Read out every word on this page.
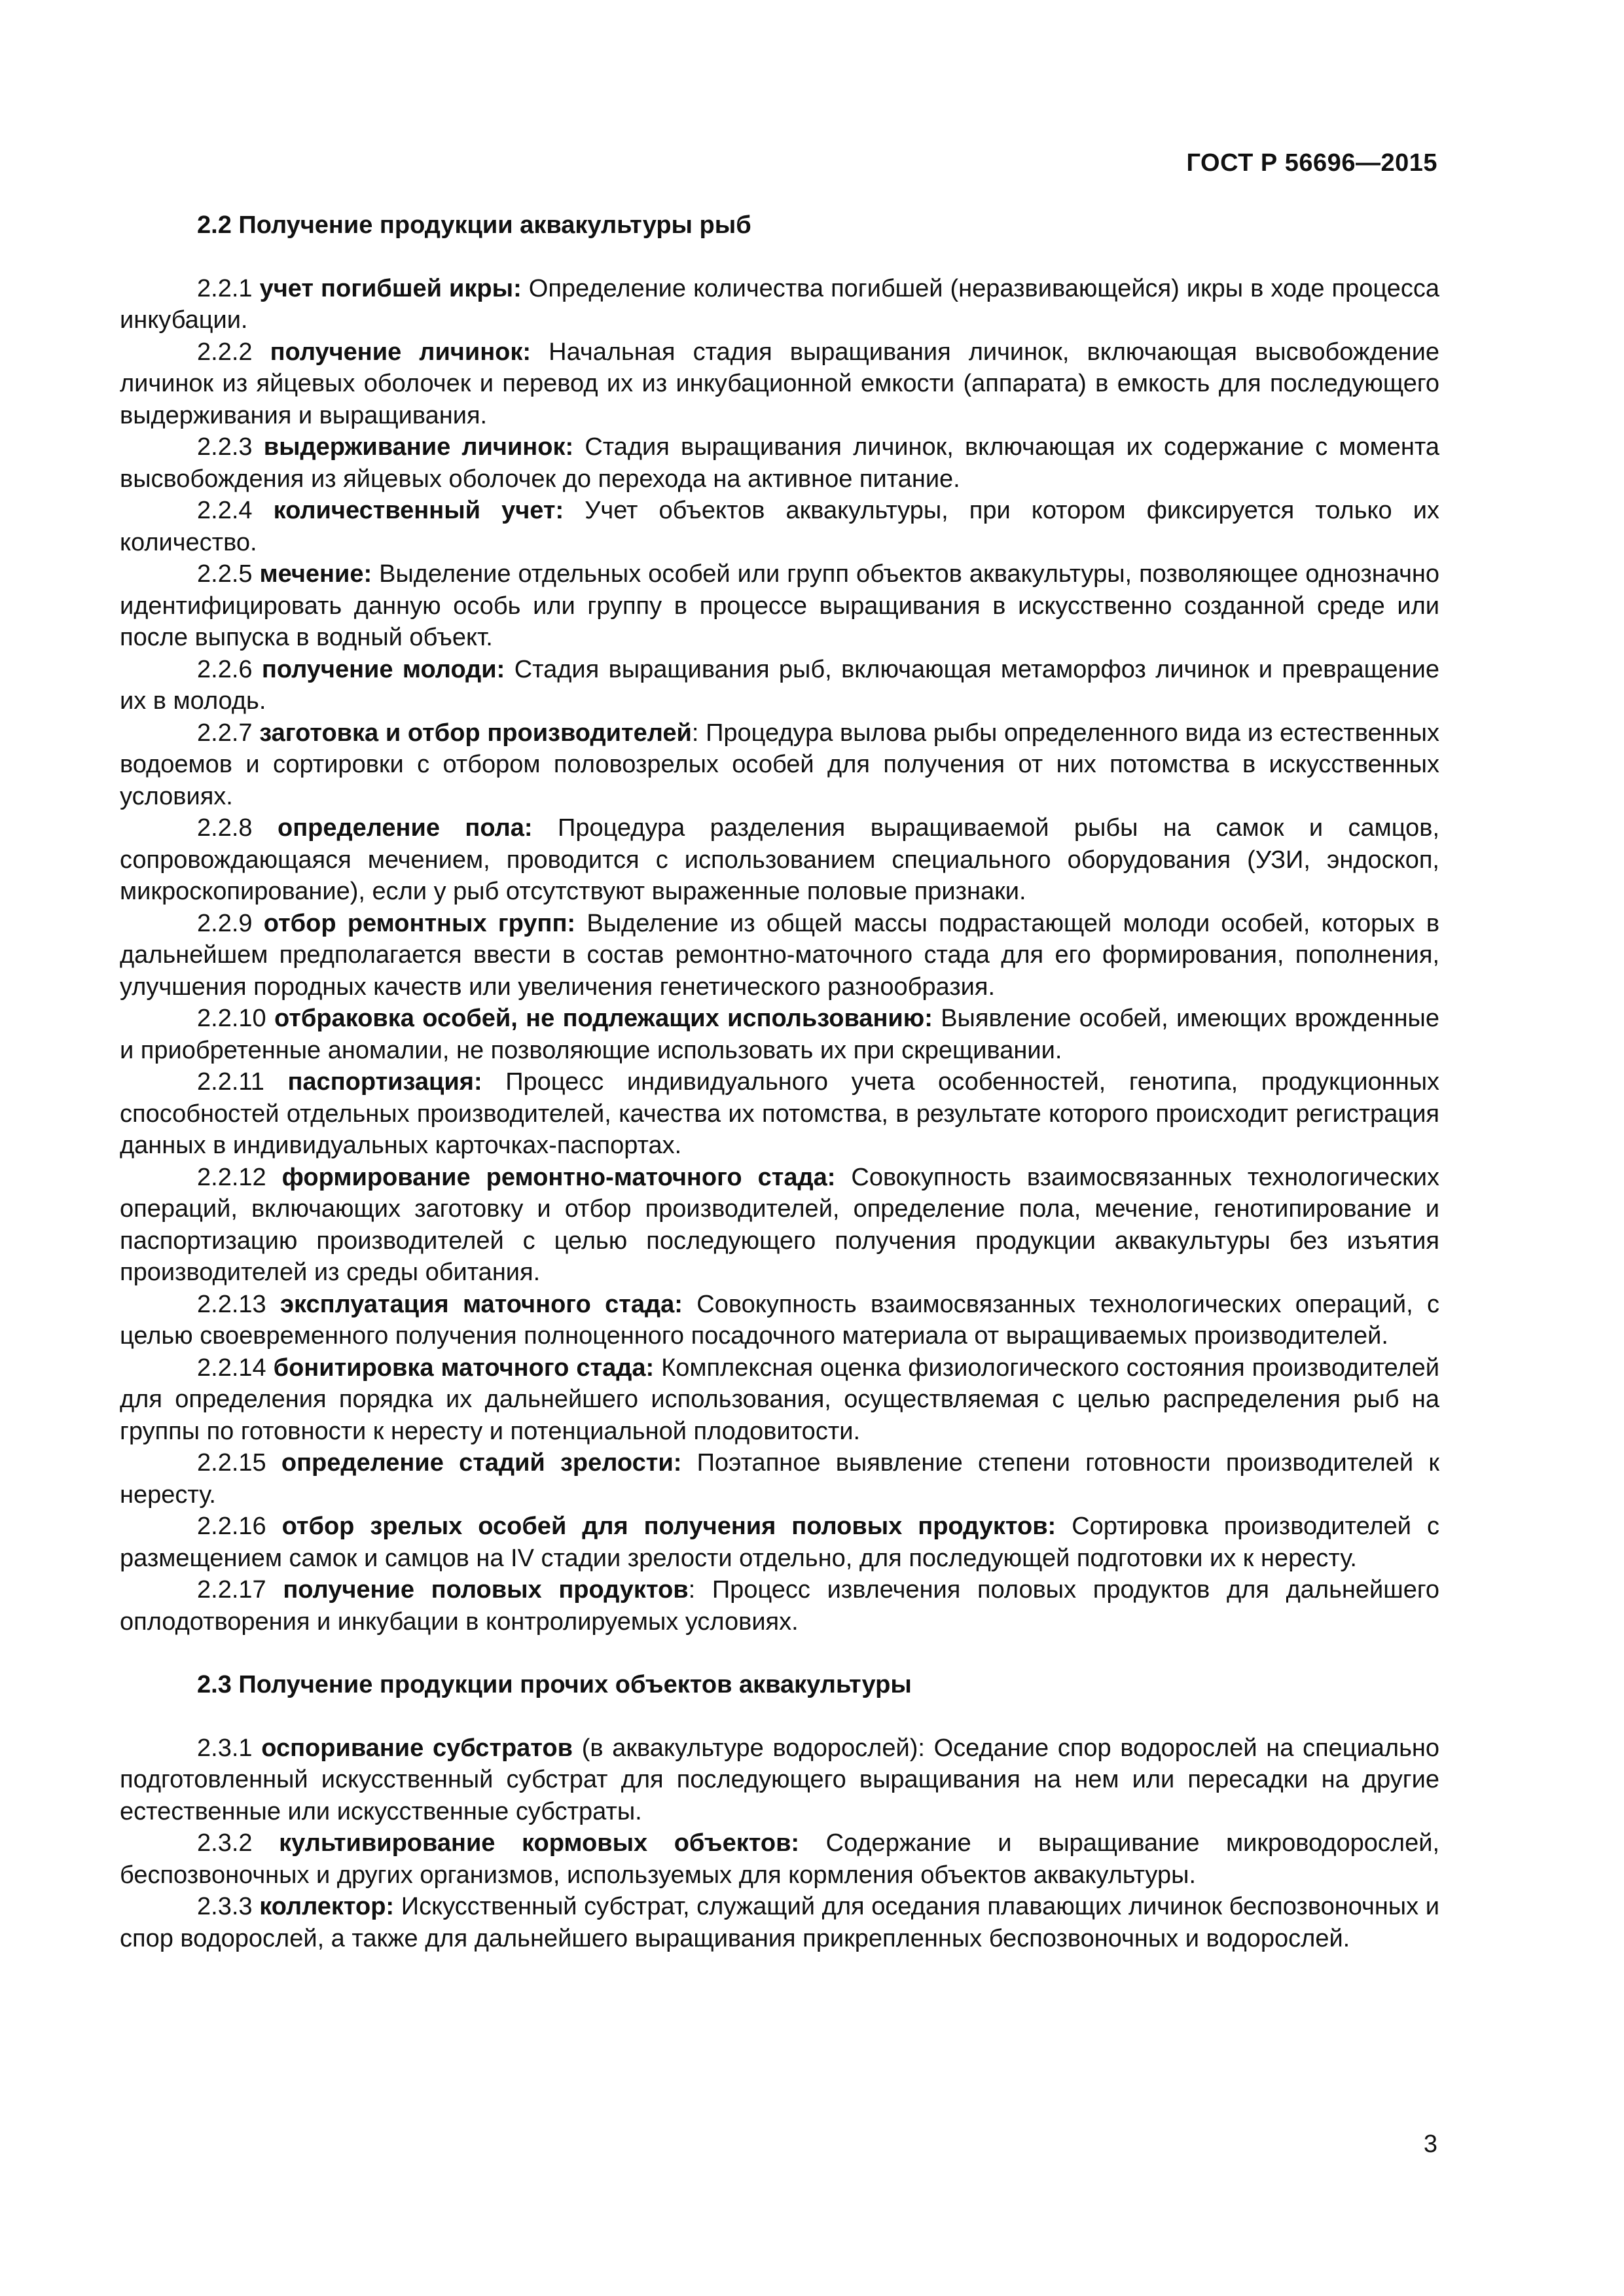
ГОСТ Р 56696—2015

2.2 Получение продукции аквакультуры рыб

2.2.1 учет погибшей икры: Определение количества погибшей (неразвивающейся) икры в ходе процесса инкубации.

2.2.2 получение личинок: Начальная стадия выращивания личинок, включающая высвобождение личинок из яйцевых оболочек и перевод их из инкубационной емкости (аппарата) в емкость для последующего выдерживания и выращивания.

2.2.3 выдерживание личинок: Стадия выращивания личинок, включающая их содержание с момента высвобождения из яйцевых оболочек до перехода на активное питание.

2.2.4 количественный учет: Учет объектов аквакультуры, при котором фиксируется только их количество.

2.2.5 мечение: Выделение отдельных особей или групп объектов аквакультуры, позволяющее однозначно идентифицировать данную особь или группу в процессе выращивания в искусственно созданной среде или после выпуска в водный объект.

2.2.6 получение молоди: Стадия выращивания рыб, включающая метаморфоз личинок и превращение их в молодь.

2.2.7 заготовка и отбор производителей: Процедура вылова рыбы определенного вида из естественных водоемов и сортировки с отбором половозрелых особей для получения от них потомства в искусственных условиях.

2.2.8 определение пола: Процедура разделения выращиваемой рыбы на самок и самцов, сопровождающаяся мечением, проводится с использованием специального оборудования (УЗИ, эндоскоп, микроскопирование), если у рыб отсутствуют выраженные половые признаки.

2.2.9 отбор ремонтных групп: Выделение из общей массы подрастающей молоди особей, которых в дальнейшем предполагается ввести в состав ремонтно-маточного стада для его формирования, пополнения, улучшения породных качеств или увеличения генетического разнообразия.

2.2.10 отбраковка особей, не подлежащих использованию: Выявление особей, имеющих врожденные и приобретенные аномалии, не позволяющие использовать их при скрещивании.

2.2.11 паспортизация: Процесс индивидуального учета особенностей, генотипа, продукционных способностей отдельных производителей, качества их потомства, в результате которого происходит регистрация данных в индивидуальных карточках-паспортах.

2.2.12 формирование ремонтно-маточного стада: Совокупность взаимосвязанных технологических операций, включающих заготовку и отбор производителей, определение пола, мечение, генотипирование и паспортизацию производителей с целью последующего получения продукции аквакультуры без изъятия производителей из среды обитания.

2.2.13 эксплуатация маточного стада: Совокупность взаимосвязанных технологических операций, с целью своевременного получения полноценного посадочного материала от выращиваемых производителей.

2.2.14 бонитировка маточного стада: Комплексная оценка физиологического состояния производителей для определения порядка их дальнейшего использования, осуществляемая с целью распределения рыб на группы по готовности к нересту и потенциальной плодовитости.

2.2.15 определение стадий зрелости: Поэтапное выявление степени готовности производителей к нересту.

2.2.16 отбор зрелых особей для получения половых продуктов: Сортировка производителей с размещением самок и самцов на IV стадии зрелости отдельно, для последующей подготовки их к нересту.

2.2.17 получение половых продуктов: Процесс извлечения половых продуктов для дальнейшего оплодотворения и инкубации в контролируемых условиях.

2.3 Получение продукции прочих объектов аквакультуры

2.3.1 оспоривание субстратов (в аквакультуре водорослей): Оседание спор водорослей на специально подготовленный искусственный субстрат для последующего выращивания на нем или пересадки на другие естественные или искусственные субстраты.

2.3.2 культивирование кормовых объектов: Содержание и выращивание микроводорослей, беспозвоночных и других организмов, используемых для кормления объектов аквакультуры.

2.3.3 коллектор: Искусственный субстрат, служащий для оседания плавающих личинок беспозвоночных и спор водорослей, а также для дальнейшего выращивания прикрепленных беспозвоночных и водорослей.

3
